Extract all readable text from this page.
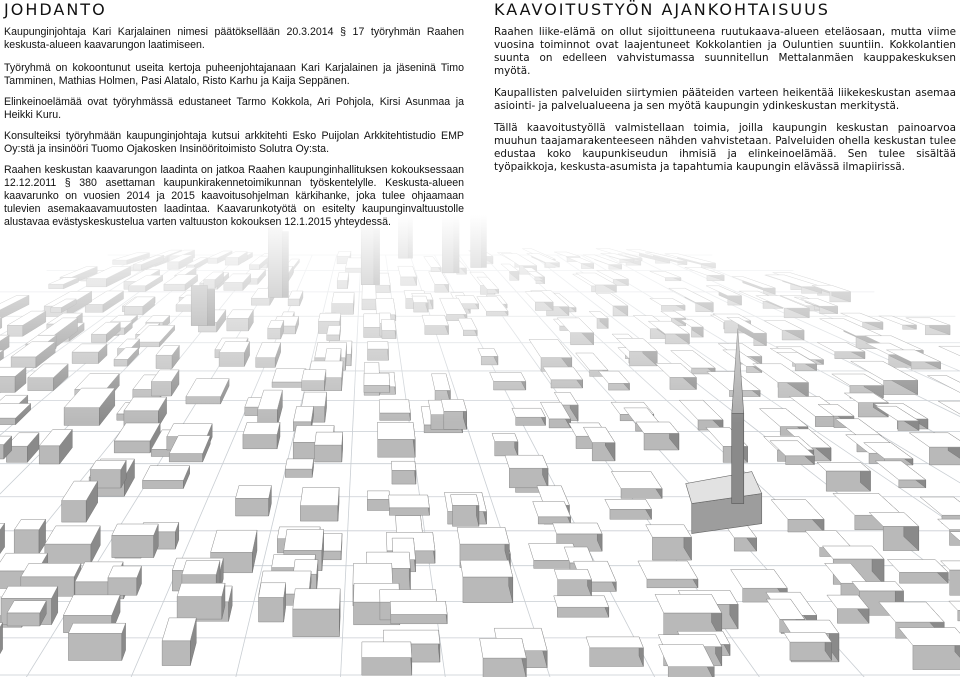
JOHDANTO

Kaupunginjohtaja Kari Karjalainen nimesi päätöksellään 20.3.2014 § 17 työryhmän Raahen keskusta-alueen kaavarungon laatimiseen.

Työryhmä on kokoontunut useita kertoja puheenjohtajanaan Kari Karjalainen ja jäseninä Timo Tamminen, Mathias Holmen, Pasi Alatalo, Risto Karhu ja Kaija Seppänen.

Elinkeinoelämää ovat työryhmässä edustaneet Tarmo Kokkola, Ari Pohjola, Kirsi Asunmaa ja Heikki Kuru.

Konsulteiksi työryhmään kaupunginjohtaja kutsui arkkitehti Esko Puijolan Arkkitehtistudio EMP Oy:stä ja insinööri Tuomo Ojakosken Insinööritoimisto Solutra Oy:sta.

Raahen keskustan kaavarungon laadinta on jatkoa Raahen kaupunginhallituksen kokouksessaan 12.12.2011 § 380 asettaman kaupunkirakennetoimikunnan työskentelylle. Keskusta-alueen kaavarunko on vuosien 2014 ja 2015 kaavoitusohjelman kärkihanke, joka tulee ohjaamaan tulevien asemakaavamuutosten laadintaa. Kaavarunkotyötä on esitelty kaupunginvaltuustolle alustavaa evästyskeskustelua varten valtuuston kokouksen 12.1.2015 yhteydessä.

KAAVOITUSTYÖN AJANKOHTAISUUS

Raahen liike-elämä on ollut sijoittuneena ruutukaava-alueen eteläosaan, mutta viime vuosina toiminnot ovat laajentuneet Kokkolantien ja Ouluntien suuntiin. Kokkolantien suunta on edelleen vahvistumassa suunnitellun Mettalanmäen kauppakeskuksen myötä.

Kaupallisten palveluiden siirtymien pääteiden varteen heikentää liikekeskustan asemaa asiointi- ja palvelualueena ja sen myötä kaupungin ydinkeskustan merkitystä.

Tällä kaavoitustyöllä valmistellaan toimia, joilla kaupungin keskustan painoarvoa muuhun taajamarakenteeseen nähden vahvistetaan. Palveluiden ohella keskustan tulee edustaa koko kaupunkiseudun ihmisiä ja elinkeinoelämää. Sen tulee sisältää työpaikkoja, keskusta-asumista ja tapahtumia kaupungin elävässä ilmapiirissä.
